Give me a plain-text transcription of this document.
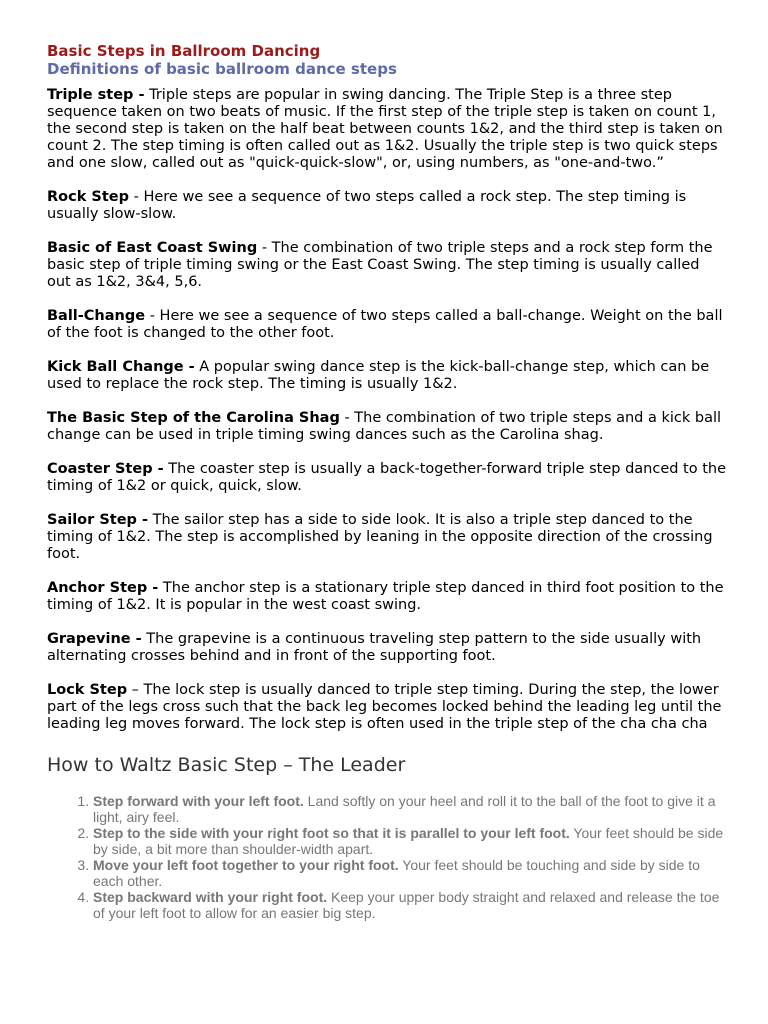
Basic Steps in Ballroom Dancing
Definitions of basic ballroom dance steps

Triple step - Triple steps are popular in swing dancing. The Triple Step is a three step sequence taken on two beats of music. If the first step of the triple step is taken on count 1, the second step is taken on the half beat between counts 1&2, and the third step is taken on count 2. The step timing is often called out as 1&2. Usually the triple step is two quick steps and one slow, called out as "quick-quick-slow", or, using numbers, as "one-and-two.”

Rock Step - Here we see a sequence of two steps called a rock step. The step timing is usually slow-slow.

Basic of East Coast Swing - The combination of two triple steps and a rock step form the basic step of triple timing swing or the East Coast Swing. The step timing is usually called out as 1&2, 3&4, 5,6.

Ball-Change - Here we see a sequence of two steps called a ball-change. Weight on the ball of the foot is changed to the other foot.

Kick Ball Change - A popular swing dance step is the kick-ball-change step, which can be used to replace the rock step. The timing is usually 1&2.

The Basic Step of the Carolina Shag - The combination of two triple steps and a kick ball change can be used in triple timing swing dances such as the Carolina shag.

Coaster Step - The coaster step is usually a back-together-forward triple step danced to the timing of 1&2 or quick, quick, slow.

Sailor Step - The sailor step has a side to side look. It is also a triple step danced to the timing of 1&2. The step is accomplished by leaning in the opposite direction of the crossing foot.

Anchor Step - The anchor step is a stationary triple step danced in third foot position to the timing of 1&2. It is popular in the west coast swing.

Grapevine - The grapevine is a continuous traveling step pattern to the side usually with alternating crosses behind and in front of the supporting foot.

Lock Step – The lock step is usually danced to triple step timing. During the step, the lower part of the legs cross such that the back leg becomes locked behind the leading leg until the leading leg moves forward. The lock step is often used in the triple step of the cha cha cha

How to Waltz Basic Step – The Leader
1. Step forward with your left foot. Land softly on your heel and roll it to the ball of the foot to give it a light, airy feel.
2. Step to the side with your right foot so that it is parallel to your left foot. Your feet should be side by side, a bit more than shoulder-width apart.
3. Move your left foot together to your right foot. Your feet should be touching and side by side to each other.
4. Step backward with your right foot. Keep your upper body straight and relaxed and release the toe of your left foot to allow for an easier big step.
